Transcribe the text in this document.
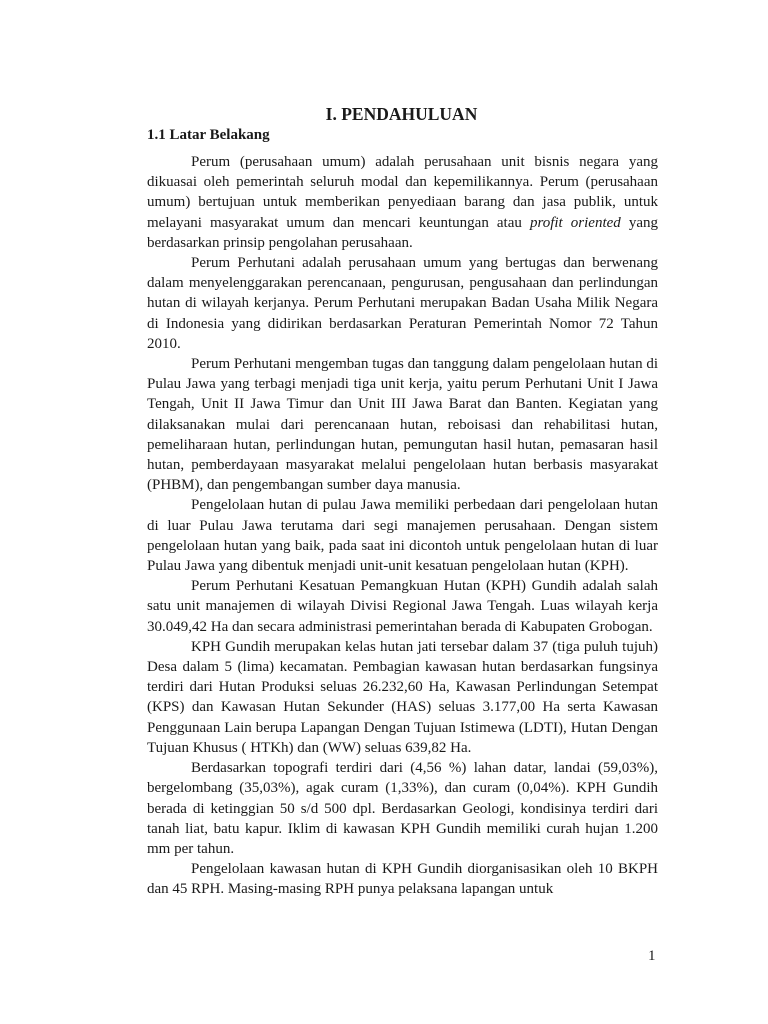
I. PENDAHULUAN
1.1 Latar Belakang

Perum (perusahaan umum) adalah perusahaan unit bisnis negara yang dikuasai oleh pemerintah seluruh modal dan kepemilikannya. Perum (perusahaan umum) bertujuan untuk memberikan penyediaan barang dan jasa publik, untuk melayani masyarakat umum dan mencari keuntungan atau profit oriented yang berdasarkan prinsip pengolahan perusahaan.

Perum Perhutani adalah perusahaan umum yang bertugas dan berwenang dalam menyelenggarakan perencanaan, pengurusan, pengusahaan dan perlindungan hutan di wilayah kerjanya. Perum Perhutani merupakan Badan Usaha Milik Negara di Indonesia yang didirikan berdasarkan Peraturan Pemerintah Nomor 72 Tahun 2010.

Perum Perhutani mengemban tugas dan tanggung dalam pengelolaan hutan di Pulau Jawa yang terbagi menjadi tiga unit kerja, yaitu perum Perhutani Unit I Jawa Tengah, Unit II Jawa Timur dan Unit III Jawa Barat dan Banten. Kegiatan yang dilaksanakan mulai dari perencanaan hutan, reboisasi dan rehabilitasi hutan, pemeliharaan hutan, perlindungan hutan, pemungutan hasil hutan, pemasaran hasil hutan, pemberdayaan masyarakat melalui pengelolaan hutan berbasis masyarakat (PHBM), dan pengembangan sumber daya manusia.

Pengelolaan hutan di pulau Jawa memiliki perbedaan dari pengelolaan hutan di luar Pulau Jawa terutama dari segi manajemen perusahaan. Dengan sistem pengelolaan hutan yang baik, pada saat ini dicontoh untuk pengelolaan hutan di luar Pulau Jawa yang dibentuk menjadi unit-unit kesatuan pengelolaan hutan (KPH).

Perum Perhutani Kesatuan Pemangkuan Hutan (KPH) Gundih adalah salah satu unit manajemen di wilayah Divisi Regional Jawa Tengah. Luas wilayah kerja 30.049,42 Ha dan secara administrasi pemerintahan berada di Kabupaten Grobogan.

KPH Gundih merupakan kelas hutan jati tersebar dalam 37 (tiga puluh tujuh) Desa dalam 5 (lima) kecamatan. Pembagian kawasan hutan berdasarkan fungsinya terdiri dari Hutan Produksi seluas 26.232,60 Ha, Kawasan Perlindungan Setempat (KPS) dan Kawasan Hutan Sekunder (HAS) seluas 3.177,00 Ha serta Kawasan Penggunaan Lain berupa Lapangan Dengan Tujuan Istimewa (LDTI), Hutan Dengan Tujuan Khusus ( HTKh) dan (WW) seluas 639,82 Ha.

Berdasarkan topografi terdiri dari (4,56 %) lahan datar, landai (59,03%), bergelombang (35,03%), agak curam (1,33%), dan curam (0,04%). KPH Gundih berada di ketinggian 50 s/d 500 dpl. Berdasarkan Geologi, kondisinya terdiri dari tanah liat, batu kapur. Iklim di kawasan KPH Gundih memiliki curah hujan 1.200 mm per tahun.

Pengelolaan kawasan hutan di KPH Gundih diorganisasikan oleh 10 BKPH dan 45 RPH. Masing-masing RPH punya pelaksana lapangan untuk

1
